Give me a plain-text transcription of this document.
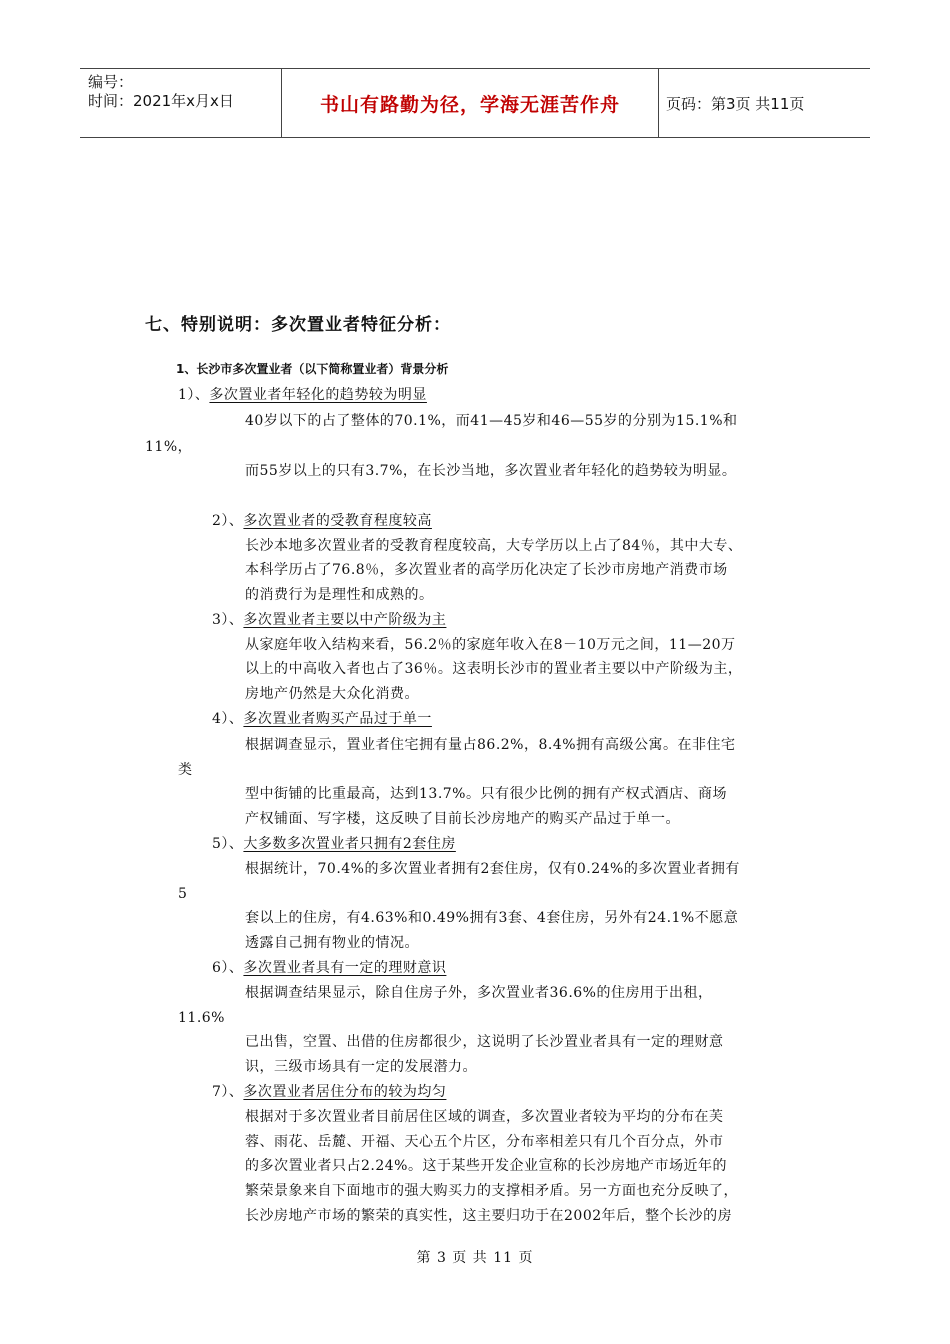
编号：
时间：2021年x月x日	书山有路勤为径，学海无涯苦作舟	页码：第3页 共11页
七、特别说明：多次置业者特征分析：
1、长沙市多次置业者（以下简称置业者）背景分析
1）、多次置业者年轻化的趋势较为明显
40岁以下的占了整体的70.1%，而41—45岁和46—55岁的分别为15.1%和
11%，
而55岁以上的只有3.7%，在长沙当地，多次置业者年轻化的趋势较为明显。
2）、多次置业者的受教育程度较高
长沙本地多次置业者的受教育程度较高，大专学历以上占了84％，其中大专、
本科学历占了76.8％，多次置业者的高学历化决定了长沙市房地产消费市场
的消费行为是理性和成熟的。
3）、多次置业者主要以中产阶级为主
从家庭年收入结构来看，56.2％的家庭年收入在8－10万元之间，11—20万
以上的中高收入者也占了36％。这表明长沙市的置业者主要以中产阶级为主，
房地产仍然是大众化消费。
4）、多次置业者购买产品过于单一
根据调查显示，置业者住宅拥有量占86.2%，8.4%拥有高级公寓。在非住宅
类
型中街铺的比重最高，达到13.7%。只有很少比例的拥有产权式酒店、商场
产权铺面、写字楼，这反映了目前长沙房地产的购买产品过于单一。
5）、大多数多次置业者只拥有2套住房
根据统计，70.4%的多次置业者拥有2套住房，仅有0.24%的多次置业者拥有
5
套以上的住房，有4.63%和0.49%拥有3套、4套住房，另外有24.1%不愿意
透露自己拥有物业的情况。
6）、多次置业者具有一定的理财意识
根据调查结果显示，除自住房子外，多次置业者36.6%的住房用于出租，
11.6%
已出售，空置、出借的住房都很少，这说明了长沙置业者具有一定的理财意
识，三级市场具有一定的发展潜力。
7）、多次置业者居住分布的较为均匀
根据对于多次置业者目前居住区域的调查，多次置业者较为平均的分布在芙
蓉、雨花、岳麓、开福、天心五个片区，分布率相差只有几个百分点，外市
的多次置业者只占2.24%。这于某些开发企业宣称的长沙房地产市场近年的
繁荣景象来自下面地市的强大购买力的支撑相矛盾。另一方面也充分反映了，
长沙房地产市场的繁荣的真实性，这主要归功于在2002年后，整个长沙的房
第 3 页 共 11 页
